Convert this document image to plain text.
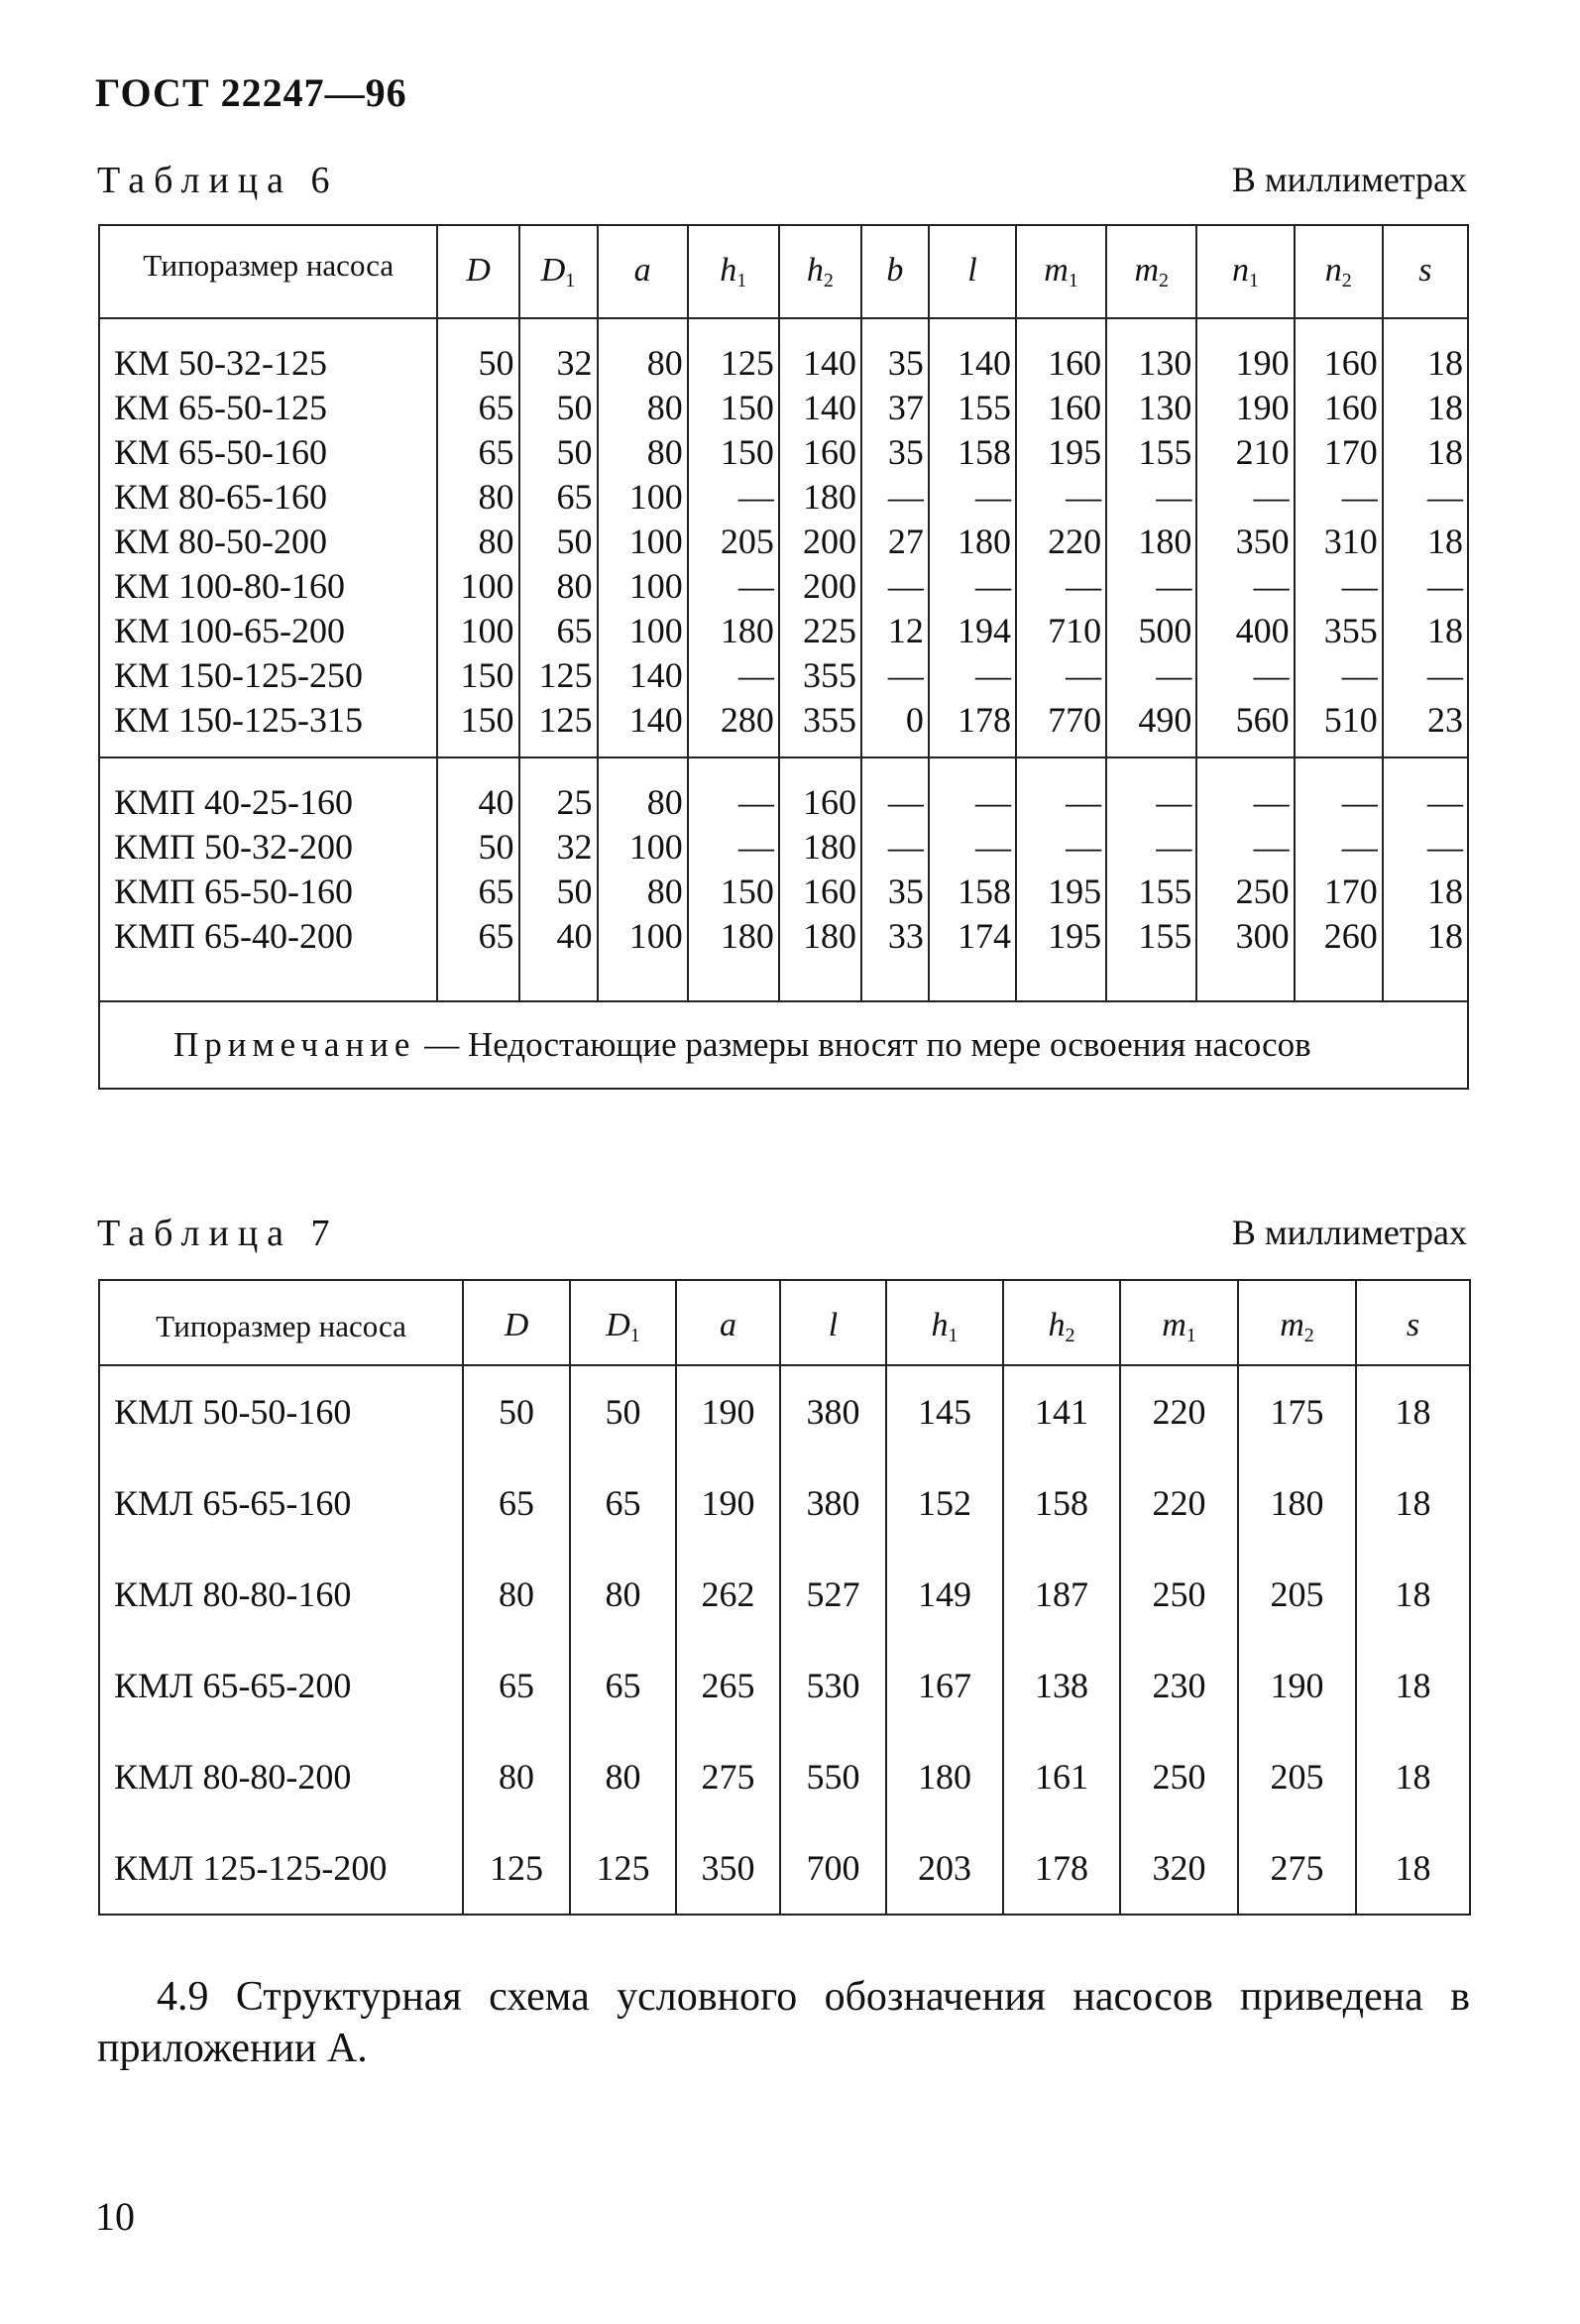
ГОСТ 22247—96
Таблица 6	В миллиметрах
Типоразмер насоса	D	$D_1$	a	$h_1$	$h_2$	b	l	$m_1$	$m_2$	$n_1$	$n_2$	s
КМ 50-32-125	50	32	80	125	140	35	140	160	130	190	160	18
КМ 65-50-125	65	50	80	150	140	37	155	160	130	190	160	18
КМ 65-50-160	65	50	80	150	160	35	158	195	155	210	170	18
КМ 80-65-160	80	65	100	—	180	—	—	—	—	—	—	—
КМ 80-50-200	80	50	100	205	200	27	180	220	180	350	310	18
КМ 100-80-160	100	80	100	—	200	—	—	—	—	—	—	—
КМ 100-65-200	100	65	100	180	225	12	194	710	500	400	355	18
КМ 150-125-250	150	125	140	—	355	—	—	—	—	—	—	—
КМ 150-125-315	150	125	140	280	355	0	178	770	490	560	510	23
КМП 40-25-160	40	25	80	—	160	—	—	—	—	—	—	—
КМП 50-32-200	50	32	100	—	180	—	—	—	—	—	—	—
КМП 65-50-160	65	50	80	150	160	35	158	195	155	250	170	18
КМП 65-40-200	65	40	100	180	180	33	174	195	155	300	260	18
Примечание — Недостающие размеры вносят по мере освоения насосов												
Таблица 7	В миллиметрах
Типоразмер насоса	D	$D_1$	a	l	$h_1$	$h_2$	$m_1$	$m_2$	s
КМЛ 50-50-160	50	50	190	380	145	141	220	175	18
КМЛ 65-65-160	65	65	190	380	152	158	220	180	18
КМЛ 80-80-160	80	80	262	527	149	187	250	205	18
КМЛ 65-65-200	65	65	265	530	167	138	230	190	18
КМЛ 80-80-200	80	80	275	550	180	161	250	205	18
КМЛ 125-125-200	125	125	350	700	203	178	320	275	18
4.9 Структурная схема условного обозначения насосов приведена в приложении А.
10
